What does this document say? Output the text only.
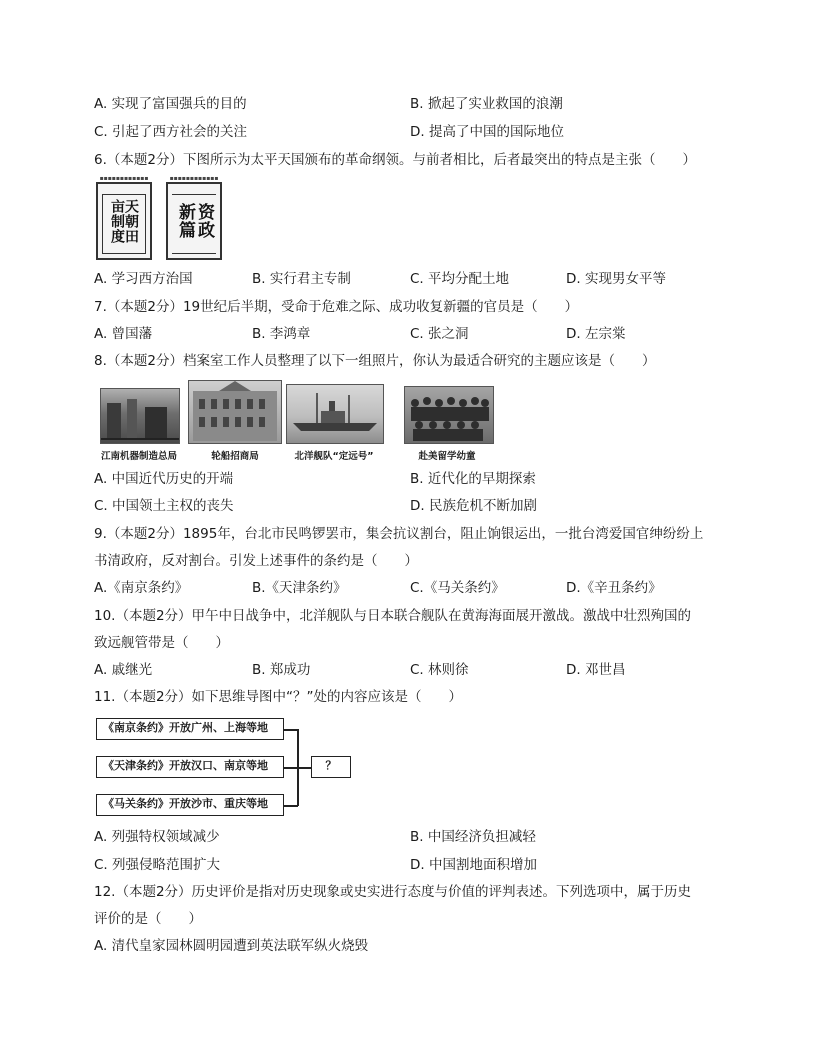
A. 实现了富国强兵的目的	B. 掀起了实业救国的浪潮
C. 引起了西方社会的关注	D. 提高了中国的国际地位
6.（本题2分）下图所示为太平天国颁布的革命纲领。与前者相比，后者最突出的特点是主张（　　）
▪▪▪▪▪▪▪▪▪▪▪▪
天朝田亩制度
▪▪▪▪▪▪▪▪▪▪▪▪
资政新篇
A. 学习西方治国	B. 实行君主专制	C. 平均分配土地	D. 实现男女平等
7.（本题2分）19世纪后半期，受命于危难之际、成功收复新疆的官员是（　　）
A. 曾国藩	B. 李鸿章	C. 张之洞	D. 左宗棠
8.（本题2分）档案室工作人员整理了以下一组照片，你认为最适合研究的主题应该是（　　）
江南机器制造总局	轮船招商局	北洋舰队“定远号”	赴美留学幼童
A. 中国近代历史的开端	B. 近代化的早期探索
C. 中国领土主权的丧失	D. 民族危机不断加剧
9.（本题2分）1895年，台北市民鸣锣罢市，集会抗议割台，阻止饷银运出，一批台湾爱国官绅纷纷上
书清政府，反对割台。引发上述事件的条约是（　　）
A.《南京条约》	B.《天津条约》	C.《马关条约》	D.《辛丑条约》
10.（本题2分）甲午中日战争中，北洋舰队与日本联合舰队在黄海海面展开激战。激战中壮烈殉国的
致远舰管带是（　　）
A. 戚继光	B. 郑成功	C. 林则徐	D. 邓世昌
11.（本题2分）如下思维导图中“？”处的内容应该是（　　）
《南京条约》开放广州、上海等地
《天津条约》开放汉口、南京等地
《马关条约》开放沙市、重庆等地
？
A. 列强特权领域减少	B. 中国经济负担减轻
C. 列强侵略范围扩大	D. 中国割地面积增加
12.（本题2分）历史评价是指对历史现象或史实进行态度与价值的评判表述。下列选项中，属于历史
评价的是（　　）
A. 清代皇家园林圆明园遭到英法联军纵火烧毁
